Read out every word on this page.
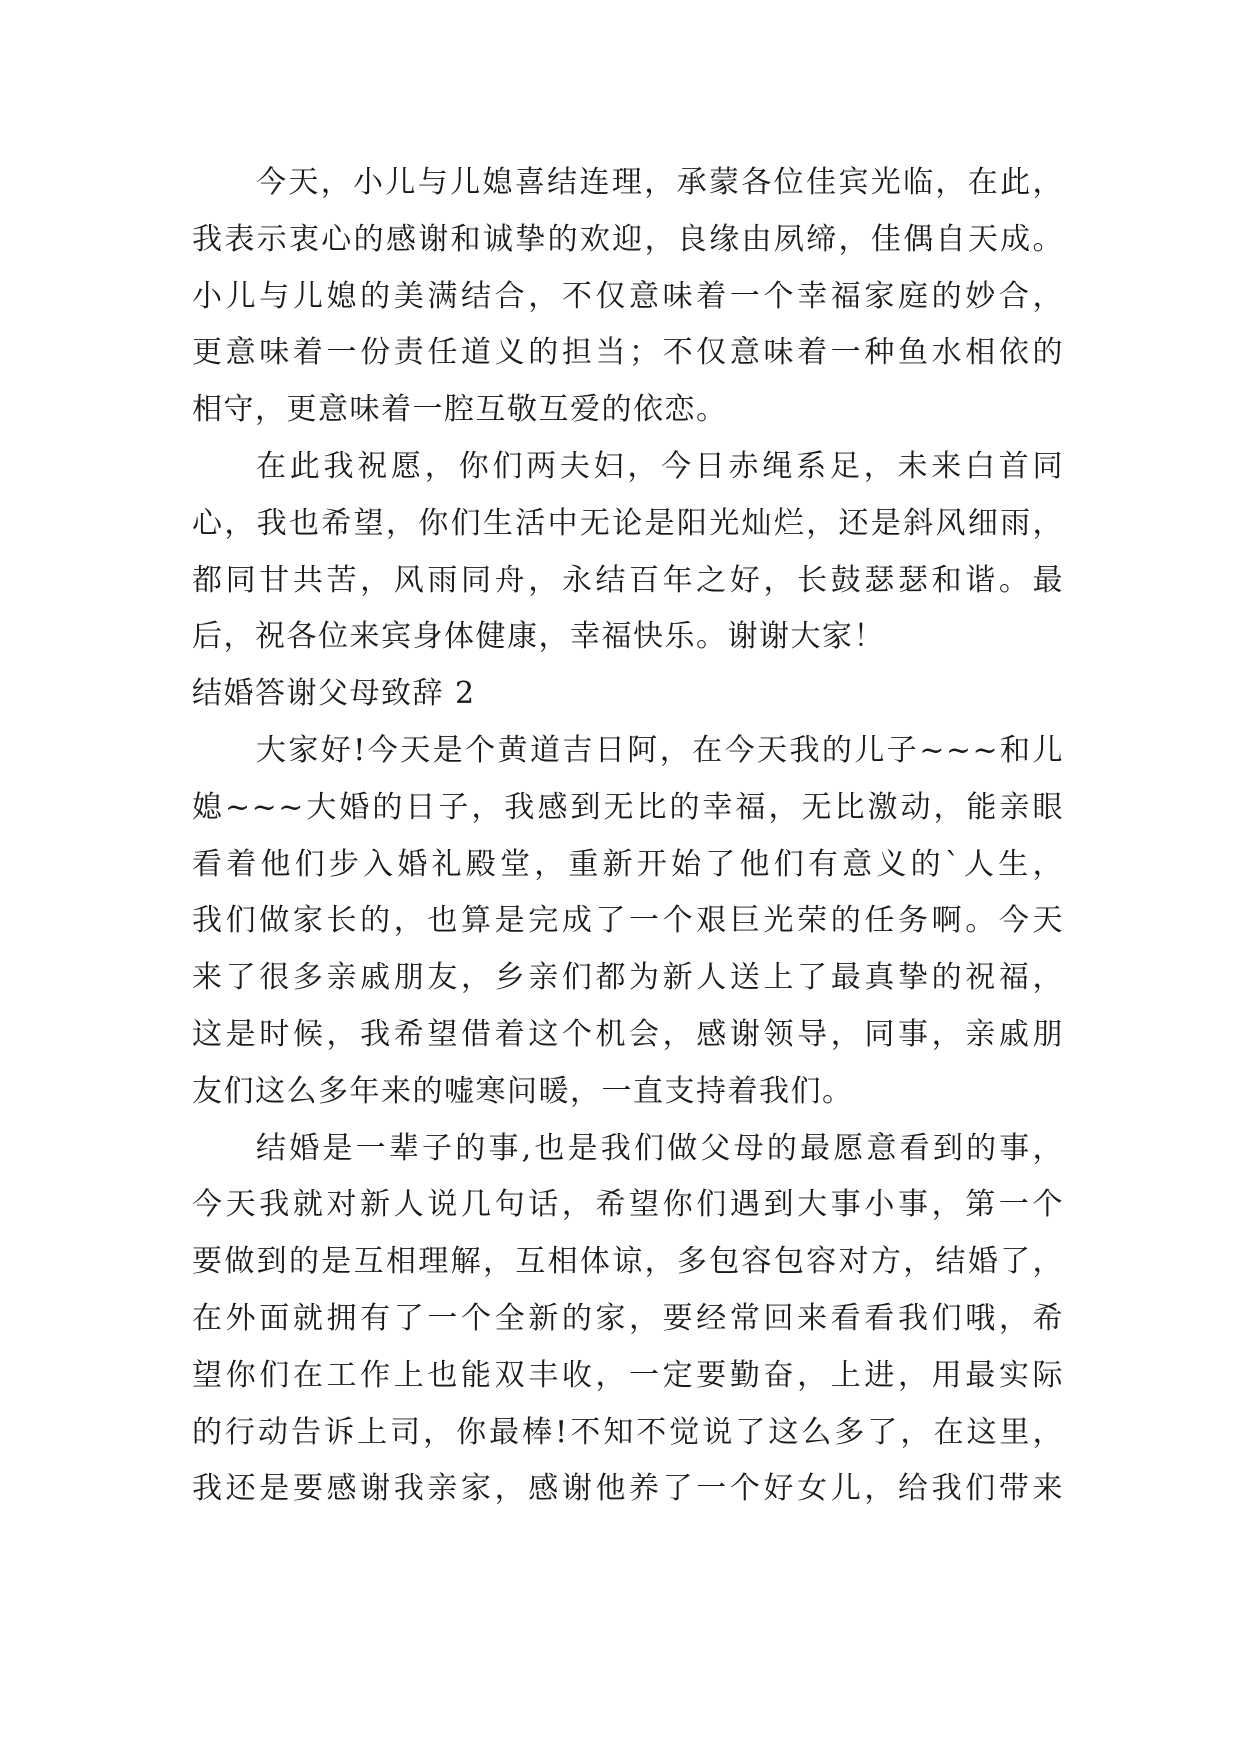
今天，小儿与儿媳喜结连理，承蒙各位佳宾光临，在此，
我表示衷心的感谢和诚挚的欢迎，良缘由夙缔，佳偶自天成。
小儿与儿媳的美满结合，不仅意味着一个幸福家庭的妙合，
更意味着一份责任道义的担当；不仅意味着一种鱼水相依的
相守，更意味着一腔互敬互爱的依恋。
在此我祝愿，你们两夫妇，今日赤绳系足，未来白首同
心，我也希望，你们生活中无论是阳光灿烂，还是斜风细雨，
都同甘共苦，风雨同舟，永结百年之好，长鼓瑟瑟和谐。最
后，祝各位来宾身体健康，幸福快乐。谢谢大家！
结婚答谢父母致辞 2
大家好!今天是个黄道吉日阿，在今天我的儿子~~~和儿
媳~~~大婚的日子，我感到无比的幸福，无比激动，能亲眼
看着他们步入婚礼殿堂，重新开始了他们有意义的`人生，
我们做家长的，也算是完成了一个艰巨光荣的任务啊。今天
来了很多亲戚朋友，乡亲们都为新人送上了最真挚的祝福，
这是时候，我希望借着这个机会，感谢领导，同事，亲戚朋
友们这么多年来的嘘寒问暖，一直支持着我们。
结婚是一辈子的事,也是我们做父母的最愿意看到的事，
今天我就对新人说几句话，希望你们遇到大事小事，第一个
要做到的是互相理解，互相体谅，多包容包容对方，结婚了，
在外面就拥有了一个全新的家，要经常回来看看我们哦，希
望你们在工作上也能双丰收，一定要勤奋，上进，用最实际
的行动告诉上司，你最棒!不知不觉说了这么多了，在这里，
我还是要感谢我亲家，感谢他养了一个好女儿，给我们带来
